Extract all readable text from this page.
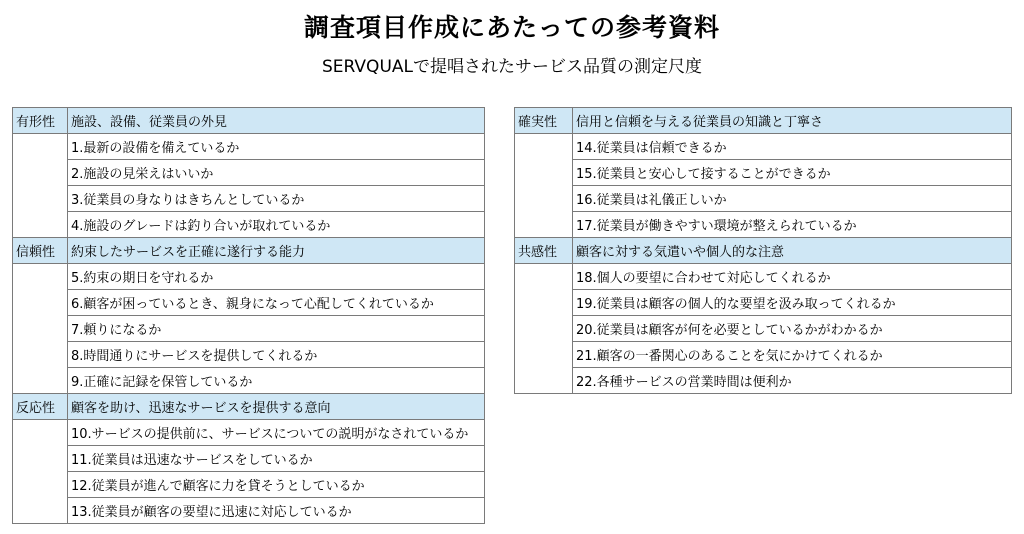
調査項目作成にあたっての参考資料
SERVQUALで提唱されたサービス品質の測定尺度
有形性	施設、設備、従業員の外見
	1.最新の設備を備えているか
	2.施設の見栄えはいいか
	3.従業員の身なりはきちんとしているか
	4.施設のグレードは釣り合いが取れているか
信頼性	約束したサービスを正確に遂行する能力
	5.約束の期日を守れるか
	6.顧客が困っているとき、親身になって心配してくれているか
	7.頼りになるか
	8.時間通りにサービスを提供してくれるか
	9.正確に記録を保管しているか
反応性	顧客を助け、迅速なサービスを提供する意向
	10.サービスの提供前に、サービスについての説明がなされているか
	11.従業員は迅速なサービスをしているか
	12.従業員が進んで顧客に力を貸そうとしているか
	13.従業員が顧客の要望に迅速に対応しているか
確実性	信用と信頼を与える従業員の知識と丁寧さ
	14.従業員は信頼できるか
	15.従業員と安心して接することができるか
	16.従業員は礼儀正しいか
	17.従業員が働きやすい環境が整えられているか
共感性	顧客に対する気遣いや個人的な注意
	18.個人の要望に合わせて対応してくれるか
	19.従業員は顧客の個人的な要望を汲み取ってくれるか
	20.従業員は顧客が何を必要としているかがわかるか
	21.顧客の一番関心のあることを気にかけてくれるか
	22.各種サービスの営業時間は便利か
